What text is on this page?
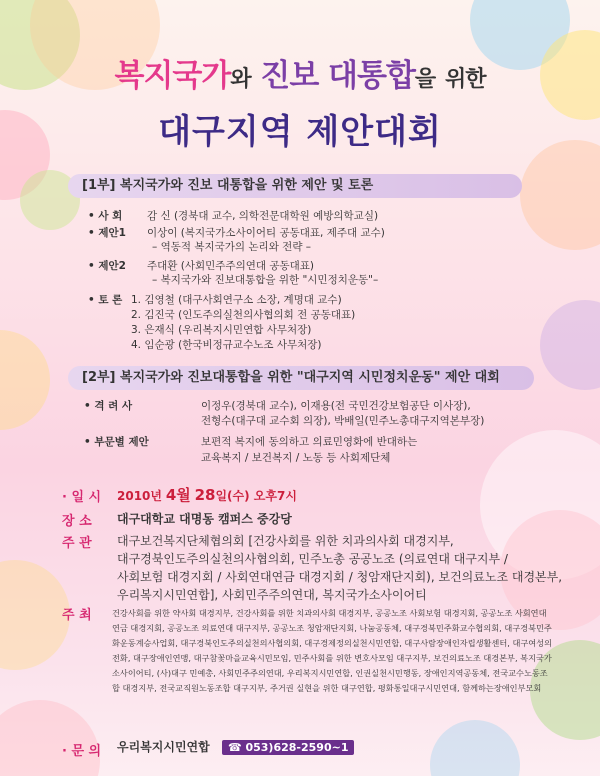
복지국가와 진보 대통합을 위한
대구지역 제안대회
[1부] 복지국가와 진보 대통합을 위한 제안 및 토론
• 사 회 감 신 (경북대 교수, 의학전문대학원 예방의학교실)
• 제안1 이상이 (복지국가소사이어티 공동대표, 제주대 교수)
– 역동적 복지국가의 논리와 전략 –
• 제안2 주대환 (사회민주주의연대 공동대표)
– 복지국가와 진보대통합을 위한 "시민정치운동"–
• 토 론 1. 김영철 (대구사회연구소 소장, 계명대 교수)
2. 김진국 (인도주의실천의사협의회 전 공동대표)
3. 은재식 (우리복지시민연합 사무처장)
4. 임순광 (한국비정규교수노조 사무처장)
[2부] 복지국가와 진보대통합을 위한 "대구지역 시민정치운동" 제안 대회
• 격 려 사	이정우(경북대 교수), 이재용(전 국민건강보험공단 이사장),
전형수(대구대 교수회 의장), 박배일(민주노총대구지역본부장)
• 부문별 제안	보편적 복지에 동의하고 의료민영화에 반대하는
교육복지 / 보건복지 / 노동 등 사회제단체
· 일 시 2010년 4월 28일(수) 오후7시
장 소 대구대학교 대명동 캠퍼스 중강당
주 관 대구보건복지단체협의회 [건강사회를 위한 치과의사회 대경지부,
대구경북인도주의실천의사협의회, 민주노총 공공노조 (의료연대 대구지부 /
사회보험 대경지회 / 사회연대연금 대경지회 / 청암재단지회), 보건의료노조 대경본부,
우리복지시민연합], 사회민주주의연대, 복지국가소사이어티
주 최 건강사회를 위한 약사회 대경지부, 건강사회를 위한 치과의사회 대경지부, 공공노조 사회보험 대경지회, 공공노조 사회연대연금 대경지회, 공공노조 의료연대 대구지부, 공공노조 청암재단지회, 나눔공동체, 대구경북민주화교수협의회, 대구경북민주화운동계승사업회, 대구경북인도주의실천의사협의회, 대구경제정의실천시민연합, 대구사람장애인자립생활센터, 대구여성의전화, 대구장애인연맹, 대구참꽃마을교육시민모임, 민주사회를 위한 변호사모임 대구지부, 보건의료노조 대경본부, 복지국가소사이어티, (사)대구 민예총, 사회민주주의연대, 우리복지시민연합, 인권실천시민행동, 장애인지역공동체, 전국교수노동조합 대경지부, 전국교직원노동조합 대구지부, 주거권 실현을 위한 대구연합, 평화통일대구시민연대, 함께하는장애인부모회
· 문 의 우리복지시민연합 ☎ 053)628-2590~1
